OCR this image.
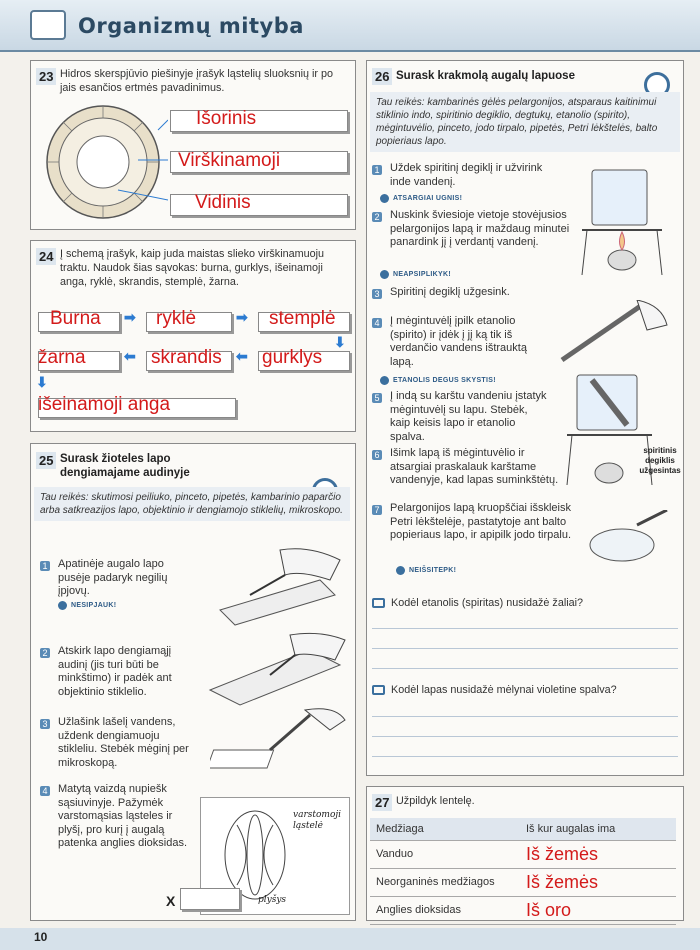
Organizmų mityba
23 Hidros skerspjūvio piešinyje įrašyk ląstelių sluoksnių ir po jais esančios ertmės pavadinimus.
Išorinis
Virškinamoji
Vidinis
24 Į schemą įrašyk, kaip juda maistas slieko virškinamuoju traktu. Naudok šias sąvokas: burna, gurklys, išeinamoji anga, ryklė, skrandis, stemplė, žarna.
Burna ➡ ryklė	➡ stemplė
⬇
žarna	⬅ skrandis ⬅ gurklys
⬇
išeinamoji anga
25 Surask žioteles lapo dengiamajame audinyje
Tau reikės: skutimosi peiliuko, pinceto, pipetės, kambarinio paparčio arba satkreazijos lapo, objektinio ir dengiamojo stiklelių, mikroskopo.
1 Apatinėje augalo lapo pusėje padaryk negilių įpjovų.
NESIPJAUK!
2 Atskirk lapo dengiamąjį audinį (jis turi būti be minkštimo) ir padėk ant objektinio stiklelio.
3 Užlašink lašelį vandens, uždenk dengiamuoju stikleliu. Stebėk mėginį per mikroskopą.
4 Matytą vaizdą nupiešk sąsiuvinyje. Pažymėk varstomąsias ląsteles ir plyšį, pro kurį į augalą patenka anglies dioksidas.
varstomoji ląstelė
plyšys
X
26 Surask krakmolą augalų lapuose
Tau reikės: kambarinės gėlės pelargonijos, atsparaus kaitinimui stiklinio indo, spiritinio degiklio, degtukų, etanolio (spirito), mėgintuvėlio, pinceto, jodo tirpalo, pipetės, Petri lėkštelės, balto popieriaus lapo.
1 Uždek spiritinį degiklį ir užvirink inde vandenį.
ATSARGIAI UGNIS!
2 Nuskink šviesioje vietoje stovėjusios pelargonijos lapą ir maždaug minutei panardink jį į verdantį vandenį.
NEAPSIPLIKYK!
3 Spiritinį degiklį užgesink.
4 Į mėgintuvėlį įpilk etanolio (spirito) ir įdėk į jį ką tik iš verdančio vandens ištrauktą lapą.
ETANOLIS DEGUS SKYSTIS!
5 Į indą su karštu vandeniu įstatyk mėgintuvėlį su lapu. Stebėk, kaip keisis lapo ir etanolio spalva.
6 Išimk lapą iš mėgintuvėlio ir atsargiai praskalauk karštame vandenyje, kad lapas suminkštėtų.
7 Pelargonijos lapą kruopščiai išskleisk Petri lėkštelėje, pastatytoje ant balto popieriaus lapo, ir apipilk jodo tirpalu.
NEIŠSITEPK!
spiritinis degiklis užgesintas
Kodėl etanolis (spiritas) nusidažė žaliai?
Kodėl lapas nusidažė mėlynai violetine spalva?
27 Užpildyk lentelę.
Medžiaga	Iš kur augalas ima
Vanduo	Iš žemės
Neorganinės medžiagos	Iš žemės
Anglies dioksidas	Iš oro
10
